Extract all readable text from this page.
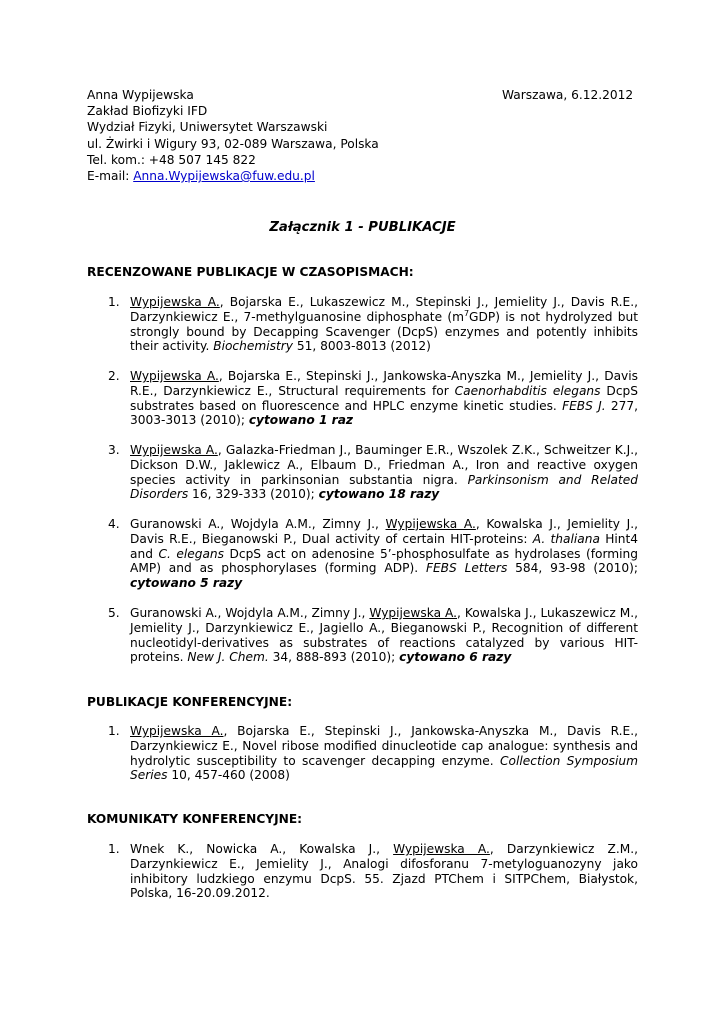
Anna Wypijewska
Zakład Biofizyki IFD
Wydział Fizyki, Uniwersytet Warszawski
ul. Żwirki i Wigury 93, 02-089 Warszawa, Polska
Tel. kom.: +48 507 145 822
E-mail: Anna.Wypijewska@fuw.edu.pl
Warszawa, 6.12.2012
Załącznik 1 - PUBLIKACJE
RECENZOWANE PUBLIKACJE W CZASOPISMACH:
1. Wypijewska A., Bojarska E., Lukaszewicz M., Stepinski J., Jemielity J., Davis R.E., Darzynkiewicz E., 7-methylguanosine diphosphate $(m^7GDP)$ is not hydrolyzed but strongly bound by Decapping Scavenger (DcpS) enzymes and potently inhibits their activity. Biochemistry 51, 8003-8013 (2012)
2. Wypijewska A., Bojarska E., Stepinski J., Jankowska-Anyszka M., Jemielity J., Davis R.E., Darzynkiewicz E., Structural requirements for Caenorhabditis elegans DcpS substrates based on fluorescence and HPLC enzyme kinetic studies. FEBS J. 277, 3003-3013 (2010); cytowano 1 raz
3. Wypijewska A., Galazka-Friedman J., Bauminger E.R., Wszolek Z.K., Schweitzer K.J., Dickson D.W., Jaklewicz A., Elbaum D., Friedman A., Iron and reactive oxygen species activity in parkinsonian substantia nigra. Parkinsonism and Related Disorders 16, 329-333 (2010); cytowano 18 razy
4. Guranowski A., Wojdyla A.M., Zimny J., Wypijewska A., Kowalska J., Jemielity J., Davis R.E., Bieganowski P., Dual activity of certain HIT-proteins: A. thaliana Hint4 and C. elegans DcpS act on adenosine 5’-phosphosulfate as hydrolases (forming AMP) and as phosphorylases (forming ADP). FEBS Letters 584, 93-98 (2010); cytowano 5 razy
5. Guranowski A., Wojdyla A.M., Zimny J., Wypijewska A., Kowalska J., Lukaszewicz M., Jemielity J., Darzynkiewicz E., Jagiello A., Bieganowski P., Recognition of different nucleotidyl-derivatives as substrates of reactions catalyzed by various HIT-proteins. New J. Chem. 34, 888-893 (2010); cytowano 6 razy
PUBLIKACJE KONFERENCYJNE:
1. Wypijewska A., Bojarska E., Stepinski J., Jankowska-Anyszka M., Davis R.E., Darzynkiewicz E., Novel ribose modified dinucleotide cap analogue: synthesis and hydrolytic susceptibility to scavenger decapping enzyme. Collection Symposium Series 10, 457-460 (2008)
KOMUNIKATY KONFERENCYJNE:
1. Wnek K., Nowicka A., Kowalska J., Wypijewska A., Darzynkiewicz Z.M., Darzynkiewicz E., Jemielity J., Analogi difosforanu 7-metyloguanozyny jako inhibitory ludzkiego enzymu DcpS. 55. Zjazd PTChem i SITPChem, Białystok, Polska, 16-20.09.2012.
